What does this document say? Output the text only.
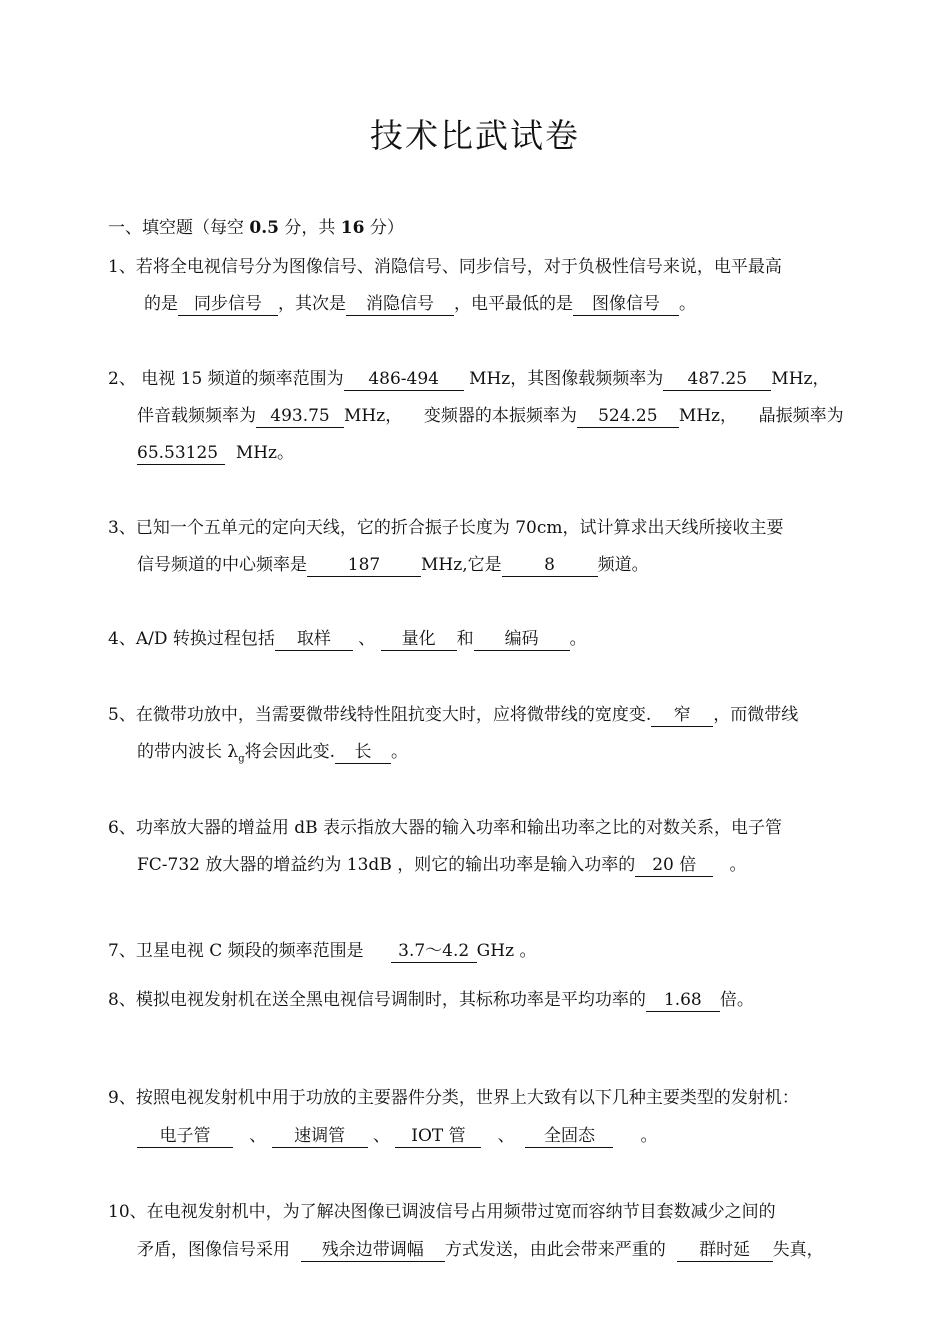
技术比武试卷
一、填空题（每空 0.5 分，共 16 分）
1、若将全电视信号分为图像信号、消隐信号、同步信号，对于负极性信号来说，电平最高
的是 同步信号 ，其次是 消隐信号 ，电平最低的是 图像信号 。
2、 电视 15 频道的频率范围为 486-494 MHz，其图像载频频率为 487.25 MHz，
伴音载频频率为 493.75 MHz， 变频器的本振频率为 524.25 MHz， 晶振频率为
65.53125 MHz。
3、已知一个五单元的定向天线，它的折合振子长度为 70cm，试计算求出天线所接收主要
信号频道的中心频率是 187 MHz,它是	8	频道。
4、A/D 转换过程包括 取样 、 量化 和 编码 。
5、在微带功放中，当需要微带线特性阻抗变大时，应将微带线的宽度变. 窄 ，而微带线
的带内波长 $\lambda_g$将会因此变. 长 。
6、功率放大器的增益用 dB 表示指放大器的输入功率和输出功率之比的对数关系，电子管
FC-732 放大器的增益约为 13dB ，则它的输出功率是输入功率的 20 倍 。
7、卫星电视 C 频段的频率范围是 3.7～4.2 GHz 。
8、模拟电视发射机在送全黑电视信号调制时，其标称功率是平均功率的 1.68 倍。
9、按照电视发射机中用于功放的主要器件分类，世界上大致有以下几种主要类型的发射机：
电子管 、 速调管 、 IOT 管 、 全固态	。
10、在电视发射机中，为了解决图像已调波信号占用频带过宽而容纳节目套数减少之间的
矛盾，图像信号采用 残余边带调幅 方式发送，由此会带来严重的 群时延 失真，
